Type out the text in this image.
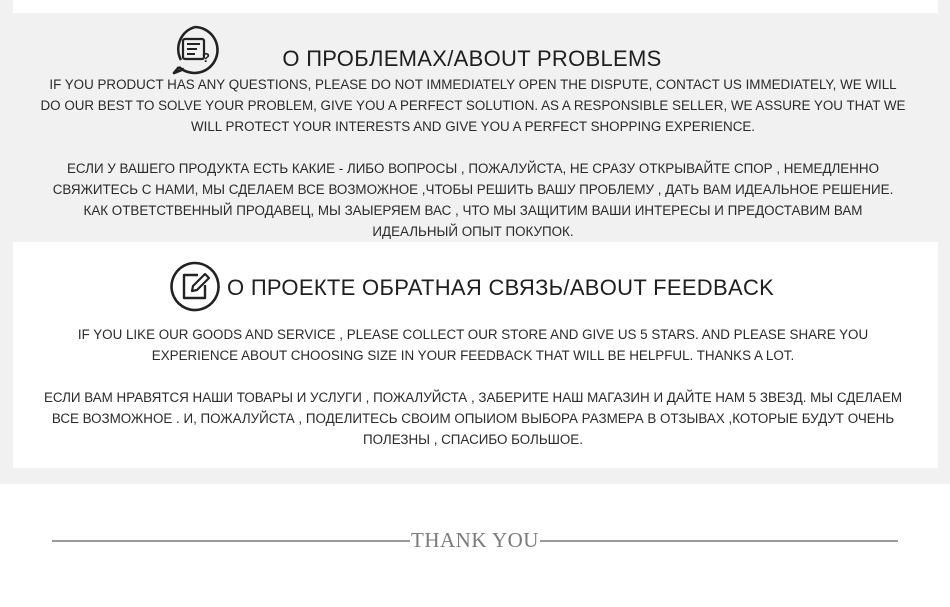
?	О ПРОБЛЕМАХ/ABOUT PROBLEMS

IF YOU PRODUCT HAS ANY QUESTIONS, PLEASE DO NOT IMMEDIATELY OPEN THE DISPUTE, CONTACT US IMMEDIATELY, WE WILL DO OUR BEST TO SOLVE YOUR PROBLEM, GIVE YOU A PERFECT SOLUTION. AS A RESPONSIBLE SELLER, WE ASSURE YOU THAT WE WILL PROTECT YOUR INTERESTS AND GIVE YOU A PERFECT SHOPPING EXPERIENCE.

ЕСЛИ У ВАШЕГО ПРОДУКТА ЕСТЬ КАКИЕ - ЛИБО ВОПРОСЫ , ПОЖАЛУЙСТА, НЕ СРАЗУ ОТКРЫВАЙТЕ СПОР , НЕМЕДЛЕННО СВЯЖИТЕСЬ С НАМИ, МЫ СДЕЛАЕМ ВСЕ ВОЗМОЖНОЕ ,ЧТОБЫ РЕШИТЬ ВАШУ ПРОБЛЕМУ , ДАТЬ ВАМ ИДЕАЛЬНОЕ РЕШЕНИЕ. КАК ОТВЕТСТВЕННЫЙ ПРОДАВЕЦ, МЫ ЗАЫЕРЯЕМ ВАС , ЧТО МЫ ЗАЩИТИМ ВАШИ ИНТЕРЕСЫ И ПРЕДОСТАВИМ ВАМ ИДЕАЛЬНЫЙ ОПЫТ ПОКУПОК.

О ПРОЕКТЕ ОБРАТНАЯ СВЯЗЬ/ABOUT FEEDBACK

IF YOU LIKE OUR GOODS AND SERVICE , PLEASE COLLECT OUR STORE AND GIVE US 5 STARS. AND PLEASE SHARE YOU EXPERIENCE ABOUT CHOOSING SIZE IN YOUR FEEDBACK THAT WILL BE HELPFUL. THANKS A LOT.

ЕСЛИ ВАМ НРАВЯТСЯ НАШИ ТОВАРЫ И УСЛУГИ , ПОЖАЛУЙСТА , ЗАБЕРИТЕ НАШ МАГАЗИН И ДАЙТЕ НАМ 5 ЗВЕЗД. МЫ СДЕЛАЕМ ВСЕ ВОЗМОЖНОЕ . И, ПОЖАЛУЙСТА , ПОДЕЛИТЕСЬ СВОИМ ОПЫИОМ ВЫБОРА РАЗМЕРА В ОТЗЫВАХ ,КОТОРЫЕ БУДУТ ОЧЕНЬ ПОЛЕЗНЫ , СПАСИБО БОЛЬШОЕ.

THANK YOU
